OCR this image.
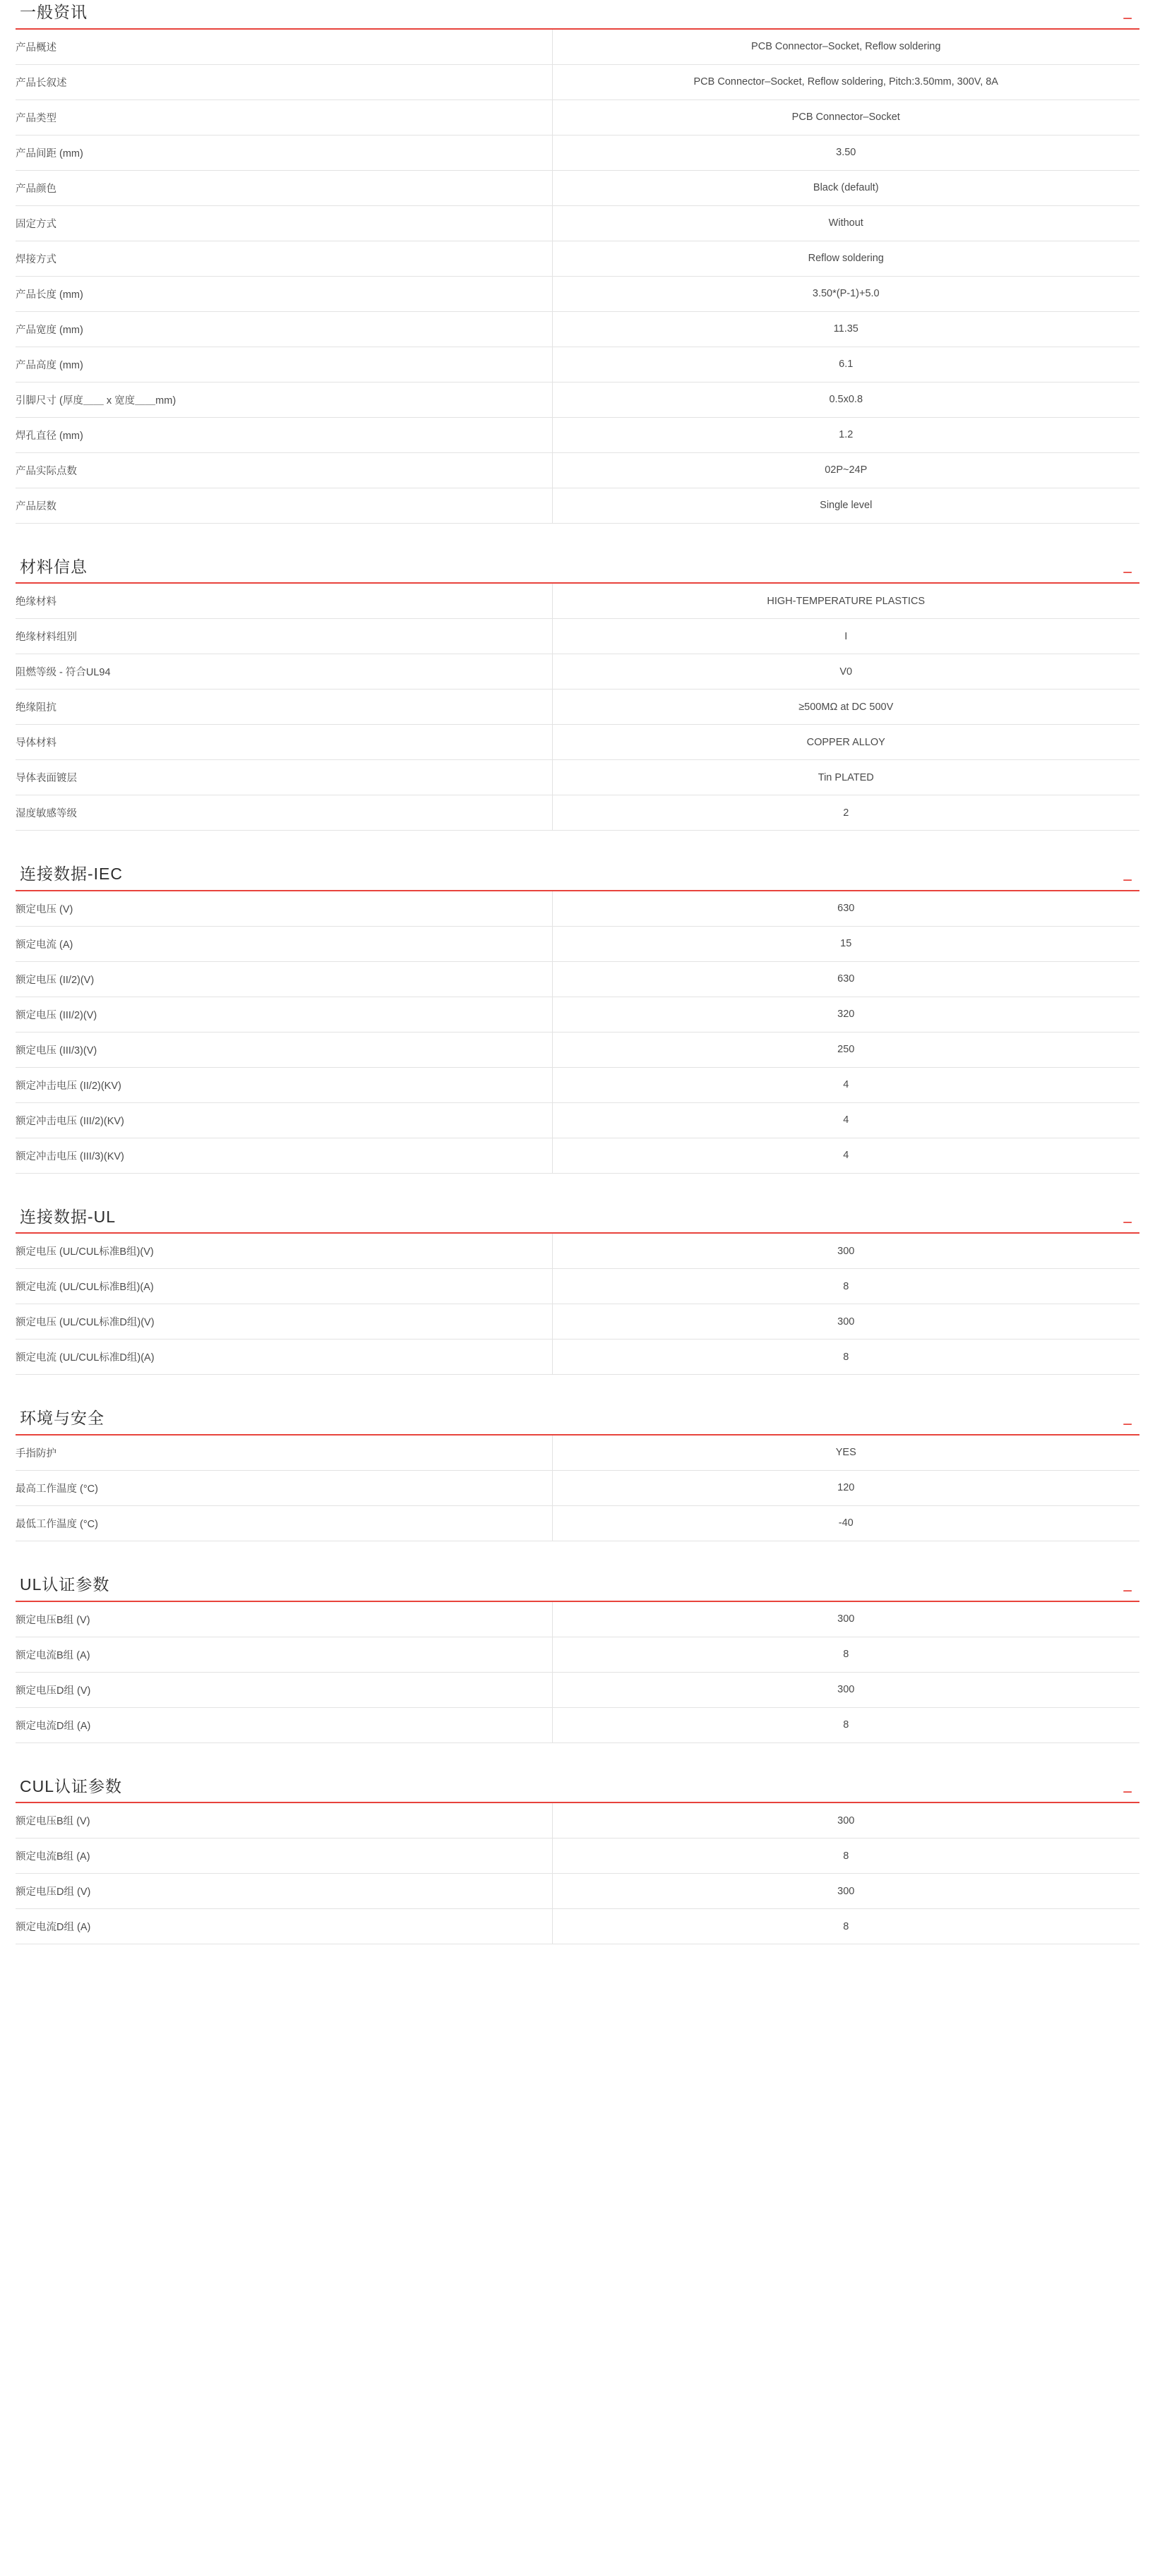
一般资讯	−
产品概述	PCB Connector–Socket, Reflow soldering
产品长叙述	PCB Connector–Socket, Reflow soldering, Pitch:3.50mm, 300V, 8A
产品类型	PCB Connector–Socket
产品间距 (mm)	3.50
产品颜色	Black (default)
固定方式	Without
焊接方式	Reflow soldering
产品长度 (mm)	3.50*(P-1)+5.0
产品宽度 (mm)	11.35
产品高度 (mm)	6.1
引脚尺寸 (厚度＿＿ x 宽度＿＿mm)	0.5x0.8
焊孔直径 (mm)	1.2
产品实际点数	02P~24P
产品层数	Single level
材料信息	−
绝缘材料	HIGH-TEMPERATURE PLASTICS
绝缘材料组别	I
阻燃等级 - 符合UL94	V0
绝缘阻抗	≥500MΩ at DC 500V
导体材料	COPPER ALLOY
导体表面镀层	Tin PLATED
湿度敏感等级	2
连接数据-IEC	−
额定电压 (V)	630
额定电流 (A)	15
额定电压 (II/2)(V)	630
额定电压 (III/2)(V)	320
额定电压 (III/3)(V)	250
额定冲击电压 (II/2)(KV)	4
额定冲击电压 (III/2)(KV)	4
额定冲击电压 (III/3)(KV)	4
连接数据-UL	−
额定电压 (UL/CUL标准B组)(V)	300
额定电流 (UL/CUL标准B组)(A)	8
额定电压 (UL/CUL标准D组)(V)	300
额定电流 (UL/CUL标准D组)(A)	8
环境与安全	−
手指防护	YES
最高工作温度 (°C)	120
最低工作温度 (°C)	-40
UL认证参数	−
额定电压B组 (V)	300
额定电流B组 (A)	8
额定电压D组 (V)	300
额定电流D组 (A)	8
CUL认证参数	−
额定电压B组 (V)	300
额定电流B组 (A)	8
额定电压D组 (V)	300
额定电流D组 (A)	8
